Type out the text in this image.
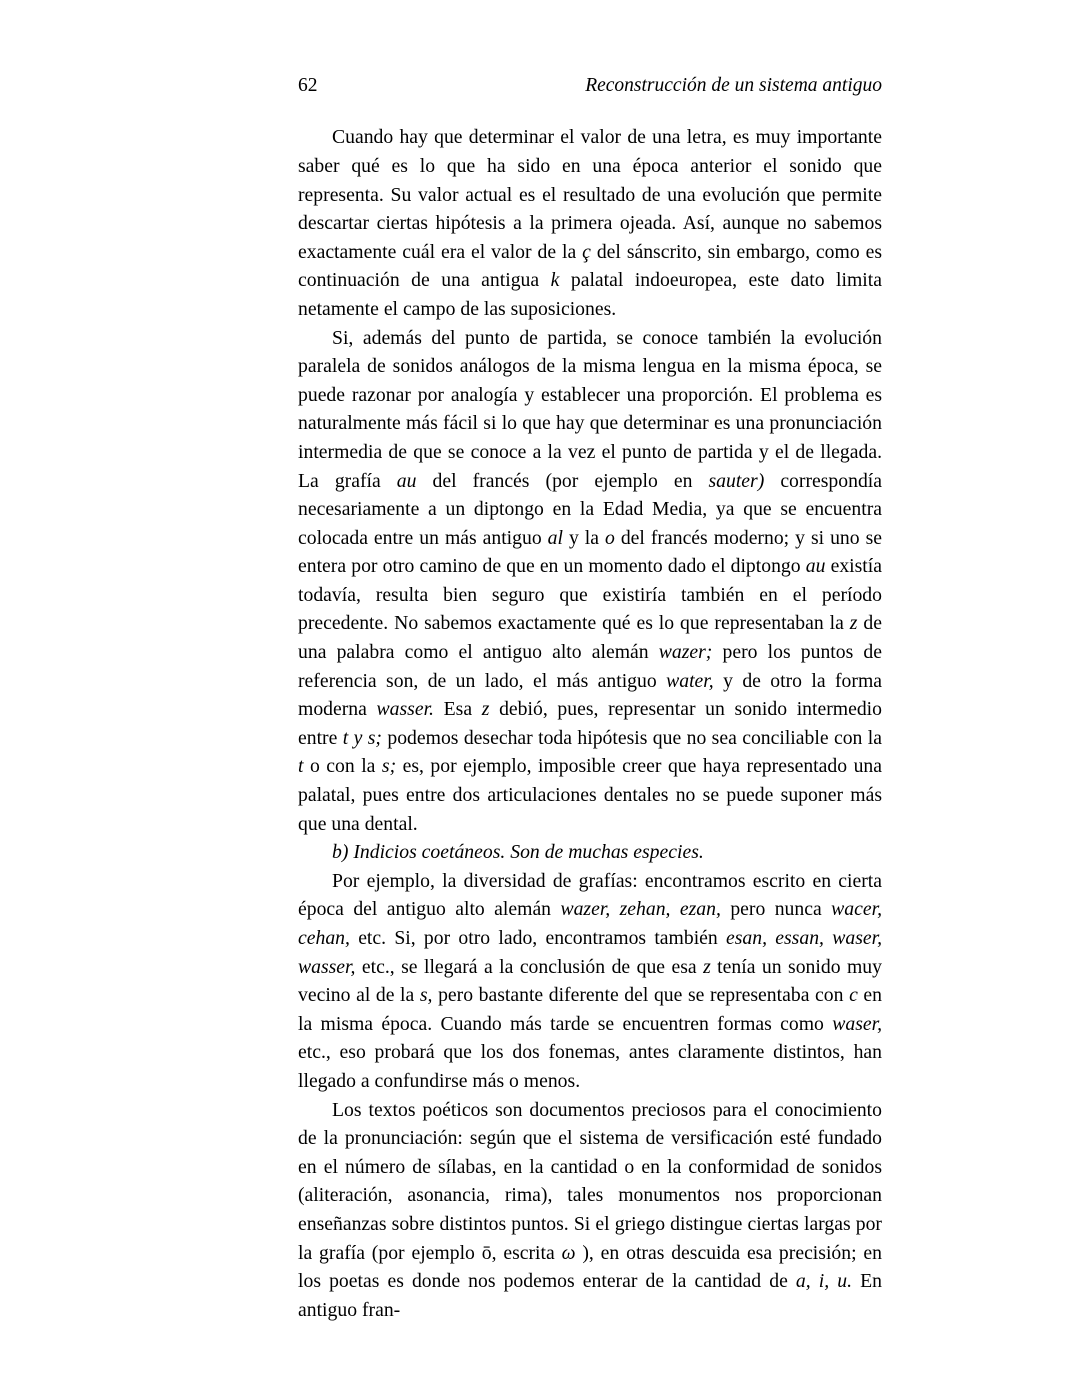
62	Reconstrucción de un sistema antiguo

Cuando hay que determinar el valor de una letra, es muy importante saber qué es lo que ha sido en una época anterior el sonido que representa. Su valor actual es el resultado de una evolución que permite descartar ciertas hipótesis a la primera ojeada. Así, aunque no sabemos exactamente cuál era el valor de la ç del sánscrito, sin embargo, como es continuación de una antigua k palatal indoeuropea, este dato limita netamente el campo de las suposiciones.

Si, además del punto de partida, se conoce también la evolución paralela de sonidos análogos de la misma lengua en la misma época, se puede razonar por analogía y establecer una proporción. El problema es naturalmente más fácil si lo que hay que determinar es una pronunciación intermedia de que se conoce a la vez el punto de partida y el de llegada. La grafía au del francés (por ejemplo en sauter) correspondía necesariamente a un diptongo en la Edad Media, ya que se encuentra colocada entre un más antiguo al y la o del francés moderno; y si uno se entera por otro camino de que en un momento dado el diptongo au existía todavía, resulta bien seguro que existiría también en el período precedente. No sabemos exactamente qué es lo que representaban la z de una palabra como el antiguo alto alemán wazer; pero los puntos de referencia son, de un lado, el más antiguo water, y de otro la forma moderna wasser. Esa z debió, pues, representar un sonido intermedio entre t y s; podemos desechar toda hipótesis que no sea conciliable con la t o con la s; es, por ejemplo, imposible creer que haya representado una palatal, pues entre dos articulaciones dentales no se puede suponer más que una dental.

b) Indicios coetáneos. Son de muchas especies.

Por ejemplo, la diversidad de grafías: encontramos escrito en cierta época del antiguo alto alemán wazer, zehan, ezan, pero nunca wacer, cehan, etc. Si, por otro lado, encontramos también esan, essan, waser, wasser, etc., se llegará a la conclusión de que esa z tenía un sonido muy vecino al de la s, pero bastante diferente del que se representaba con c en la misma época. Cuando más tarde se encuentren formas como waser, etc., eso probará que los dos fonemas, antes claramente distintos, han llegado a confundirse más o menos.

Los textos poéticos son documentos preciosos para el conocimiento de la pronunciación: según que el sistema de versificación esté fundado en el número de sílabas, en la cantidad o en la conformidad de sonidos (aliteración, asonancia, rima), tales monumentos nos proporcionan enseñanzas sobre distintos puntos. Si el griego distingue ciertas largas por la grafía (por ejemplo ō, escrita ω ), en otras descuida esa precisión; en los poetas es donde nos podemos enterar de la cantidad de a, i, u. En antiguo fran-
